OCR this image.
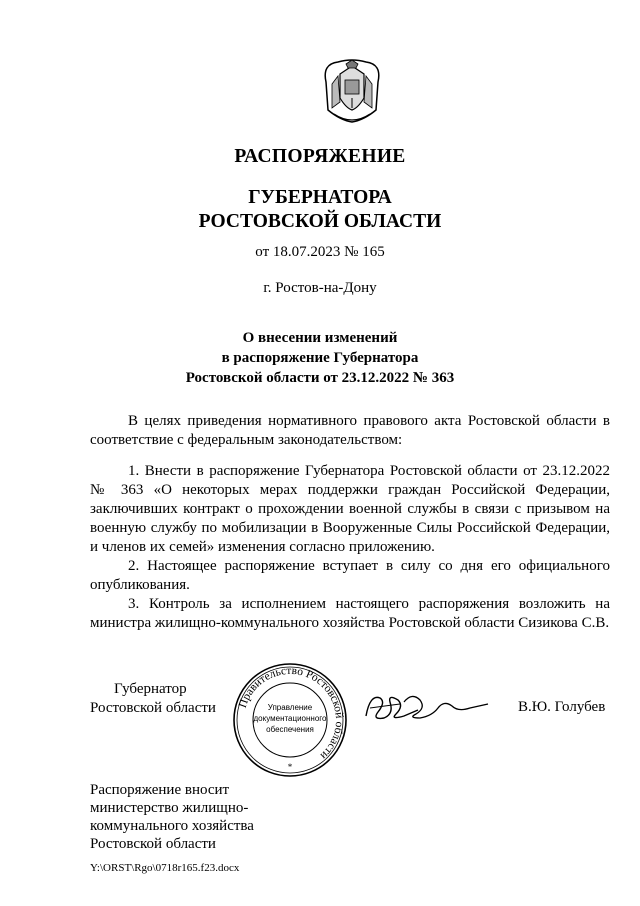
РАСПОРЯЖЕНИЕ
ГУБЕРНАТОРА
РОСТОВСКОЙ ОБЛАСТИ
от 18.07.2023 № 165
г. Ростов-на-Дону
О внесении изменений
в распоряжение Губернатора
Ростовской области от 23.12.2022 № 363

В целях приведения нормативного правового акта Ростовской области в соответствие с федеральным законодательством:

1. Внести в распоряжение Губернатора Ростовской области от 23.12.2022 № 363 «О некоторых мерах поддержки граждан Российской Федерации, заключивших контракт о прохождении военной службы в связи с призывом на военную службу по мобилизации в Вооруженные Силы Российской Федерации, и членов их семей» изменения согласно приложению.

2. Настоящее распоряжение вступает в силу со дня его официального опубликования.

3. Контроль за исполнением настоящего распоряжения возложить на министра жилищно-коммунального хозяйства Ростовской области Сизикова С.В.

Губернатор
Ростовской области Правительство Ростовской области
Управление
документационного
обеспечения
*
В.Ю. Голубев
Распоряжение вносит
министерство жилищно-
коммунального хозяйства
Ростовской области
Y:\ORST\Rgo\0718r165.f23.docx
